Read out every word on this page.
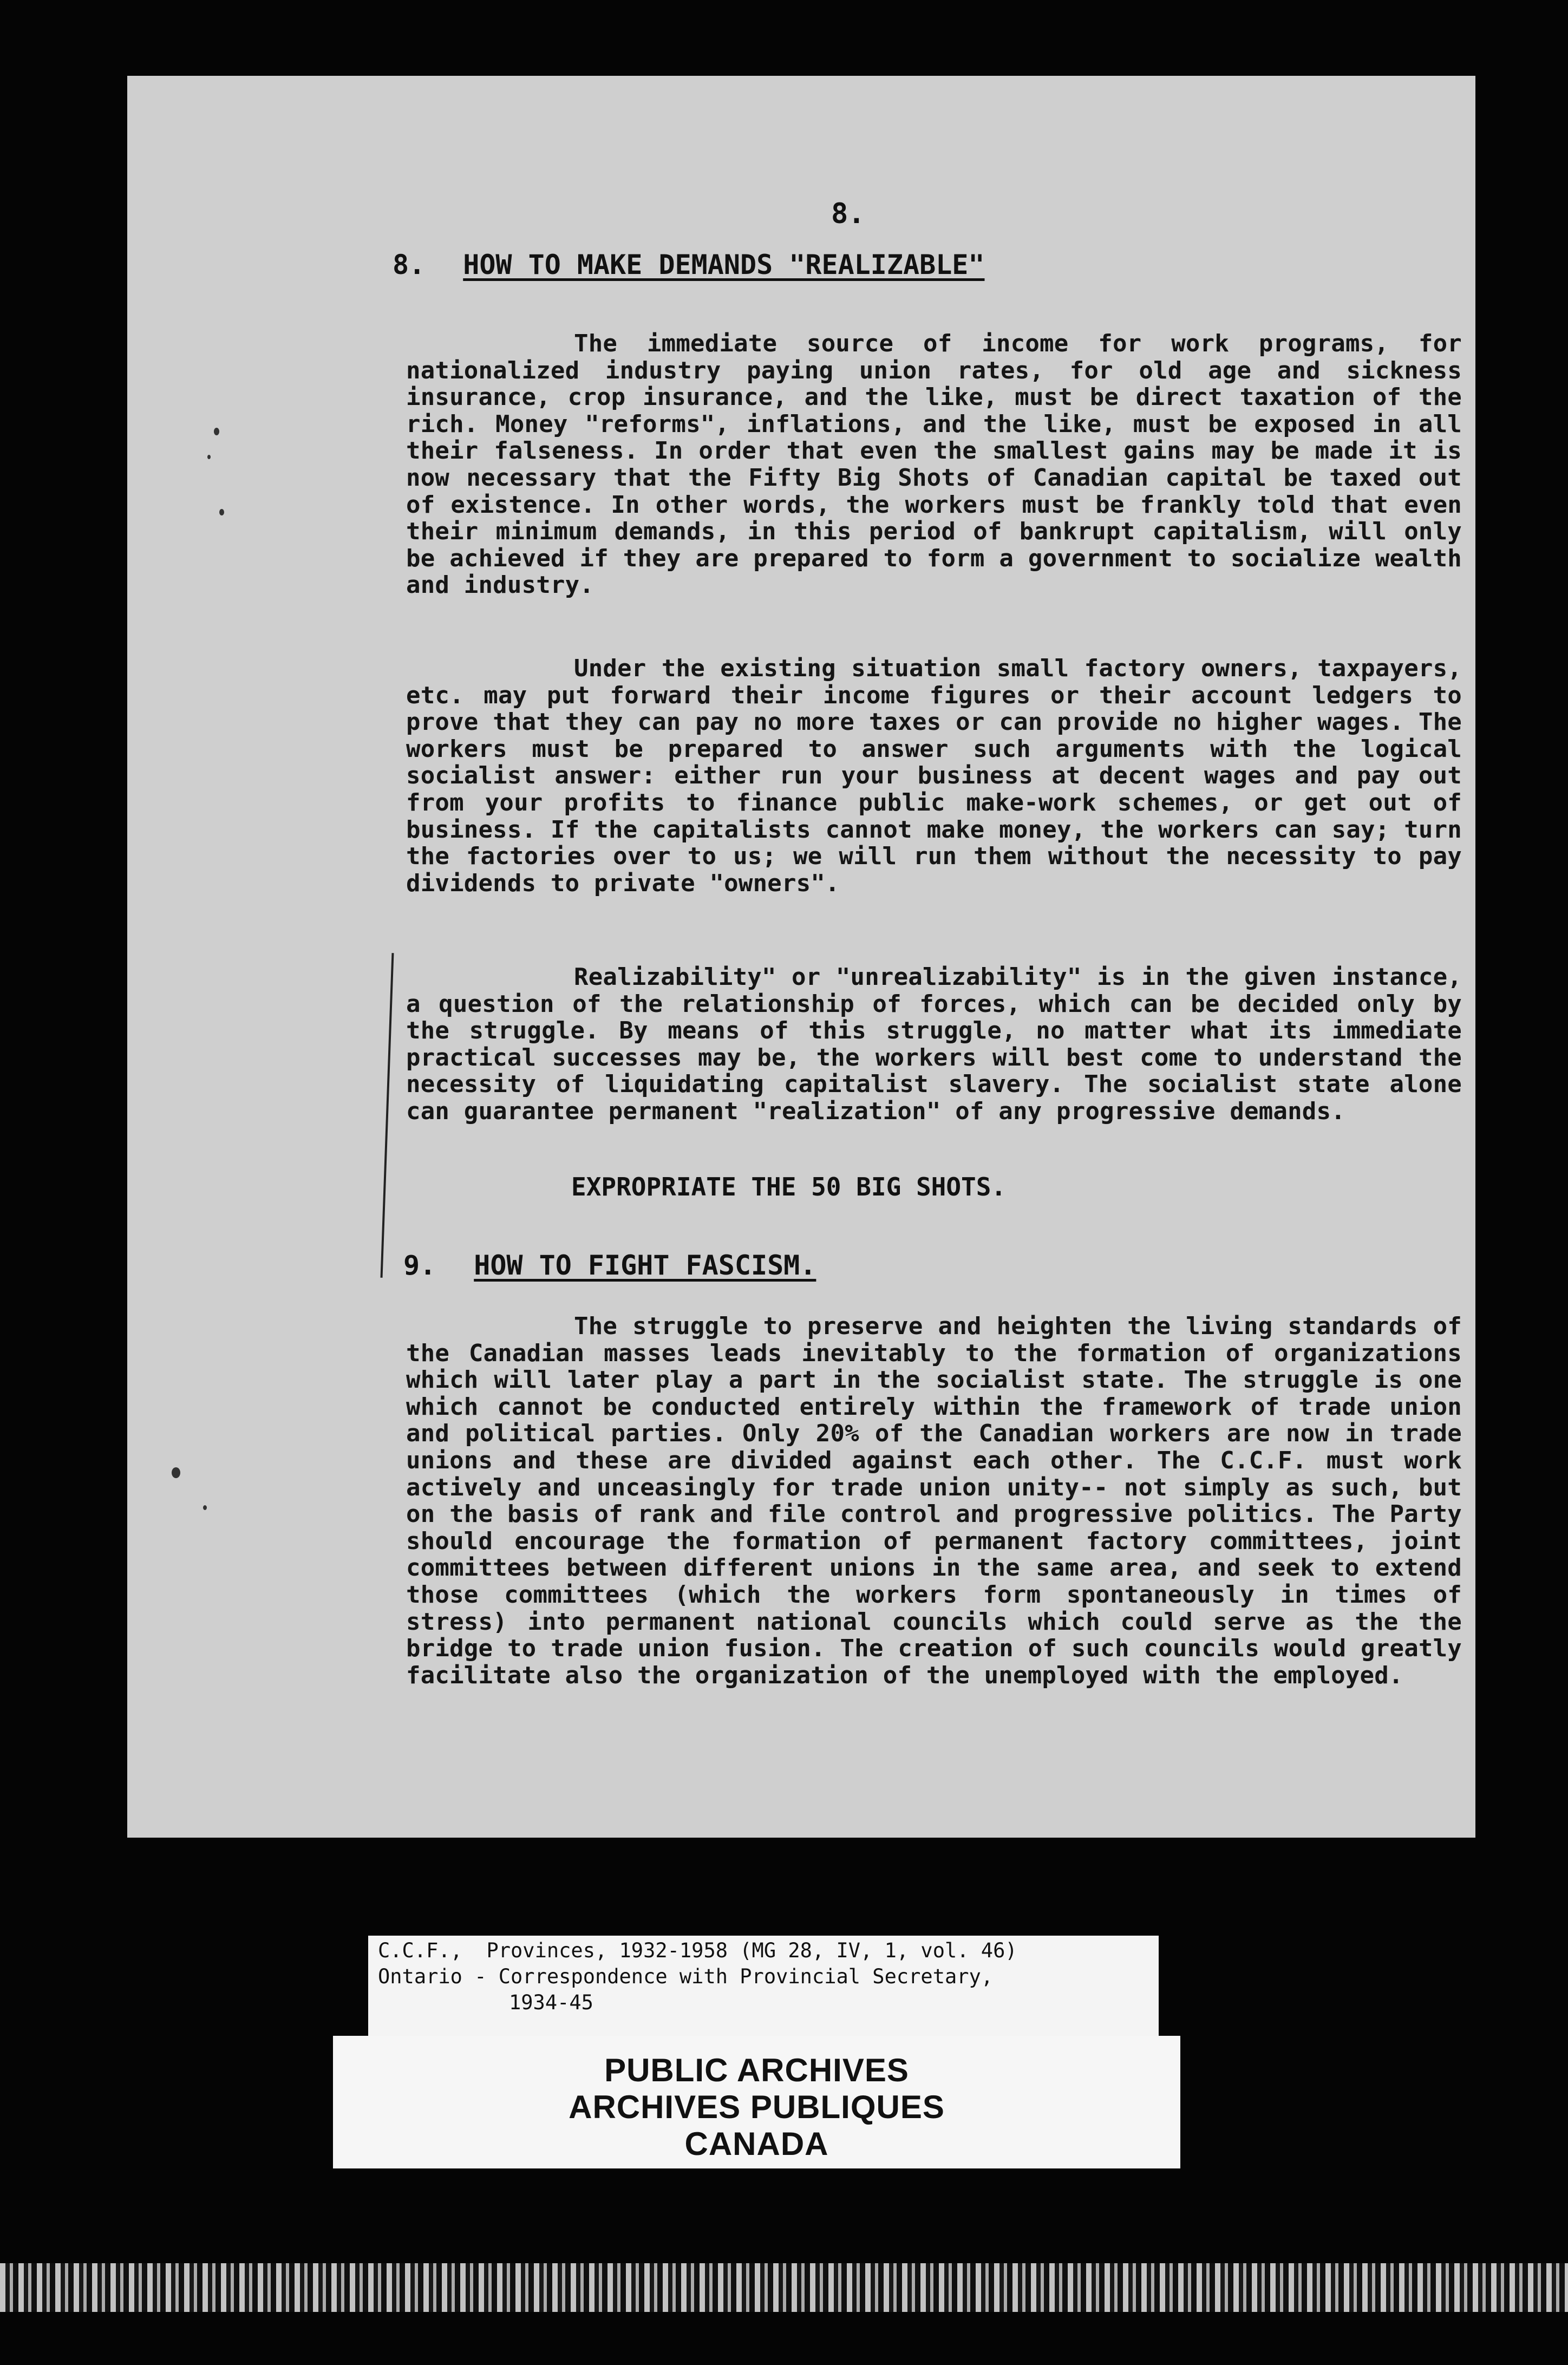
8.
8. HOW TO MAKE DEMANDS "REALIZABLE"

The immediate source of income for work programs, for nationalized industry paying union rates, for old age and sickness insurance, crop insurance, and the like, must be direct taxation of the rich. Money "reforms", inflations, and the like, must be exposed in all their falseness. In order that even the smallest gains may be made it is now necessary that the Fifty Big Shots of Canadian capital be taxed out of existence. In other words, the workers must be frankly told that even their minimum demands, in this period of bankrupt capitalism, will only be achieved if they are prepared to form a government to socialize wealth and industry.

Under the existing situation small factory owners, taxpayers, etc. may put forward their income figures or their account ledgers to prove that they can pay no more taxes or can provide no higher wages. The workers must be prepared to answer such arguments with the logical socialist answer: either run your business at decent wages and pay out from your profits to finance public make-work schemes, or get out of business. If the capitalists cannot make money, the workers can say; turn the factories over to us; we will run them without the necessity to pay dividends to private "owners".

Realizability" or "unrealizability" is in the given instance, a question of the relationship of forces, which can be decided only by the struggle. By means of this struggle, no matter what its immediate practical successes may be, the workers will best come to understand the necessity of liquidating capitalist slavery. The socialist state alone can guarantee permanent "realization" of any progressive demands.

EXPROPRIATE THE 50 BIG SHOTS.
9. HOW TO FIGHT FASCISM.

The struggle to preserve and heighten the living standards of the Canadian masses leads inevitably to the formation of organizations which will later play a part in the socialist state. The struggle is one which cannot be conducted entirely within the framework of trade union and political parties. Only 20% of the Canadian workers are now in trade unions and these are divided against each other. The C.C.F. must work actively and unceasingly for trade union unity-- not simply as such, but on the basis of rank and file control and progressive politics. The Party should encourage the formation of permanent factory committees, joint committees between different unions in the same area, and seek to extend those committees (which the workers form spontaneously in times of stress) into permanent national councils which could serve as the the bridge to trade union fusion. The creation of such councils would greatly facilitate also the organization of the unemployed with the employed.

C.C.F.,  Provinces, 1932-1958 (MG 28, IV, 1, vol. 46)
Ontario - Correspondence with Provincial Secretary,
1934-45
PUBLIC ARCHIVES
ARCHIVES PUBLIQUES
CANADA
